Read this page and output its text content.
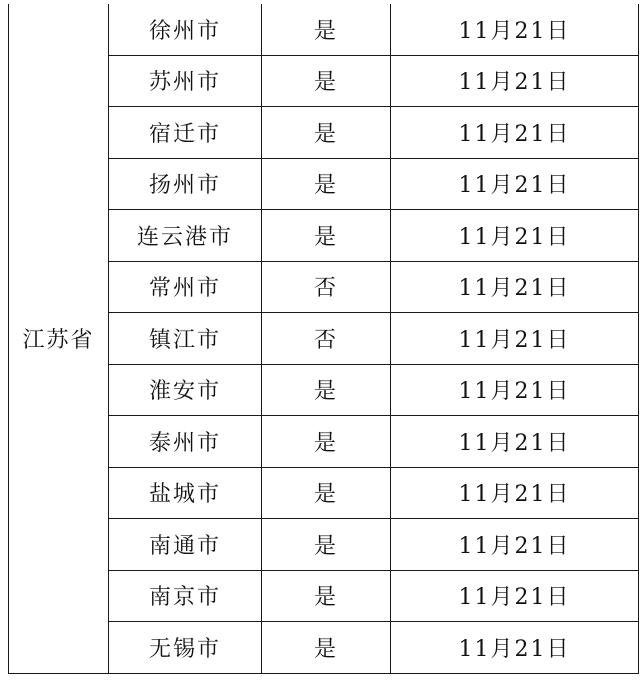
江苏省	徐州市	是	11月21日
	苏州市	是	11月21日
	宿迁市	是	11月21日
	扬州市	是	11月21日
	连云港市	是	11月21日
	常州市	否	11月21日
	镇江市	否	11月21日
	淮安市	是	11月21日
	泰州市	是	11月21日
	盐城市	是	11月21日
	南通市	是	11月21日
	南京市	是	11月21日
	无锡市	是	11月21日
